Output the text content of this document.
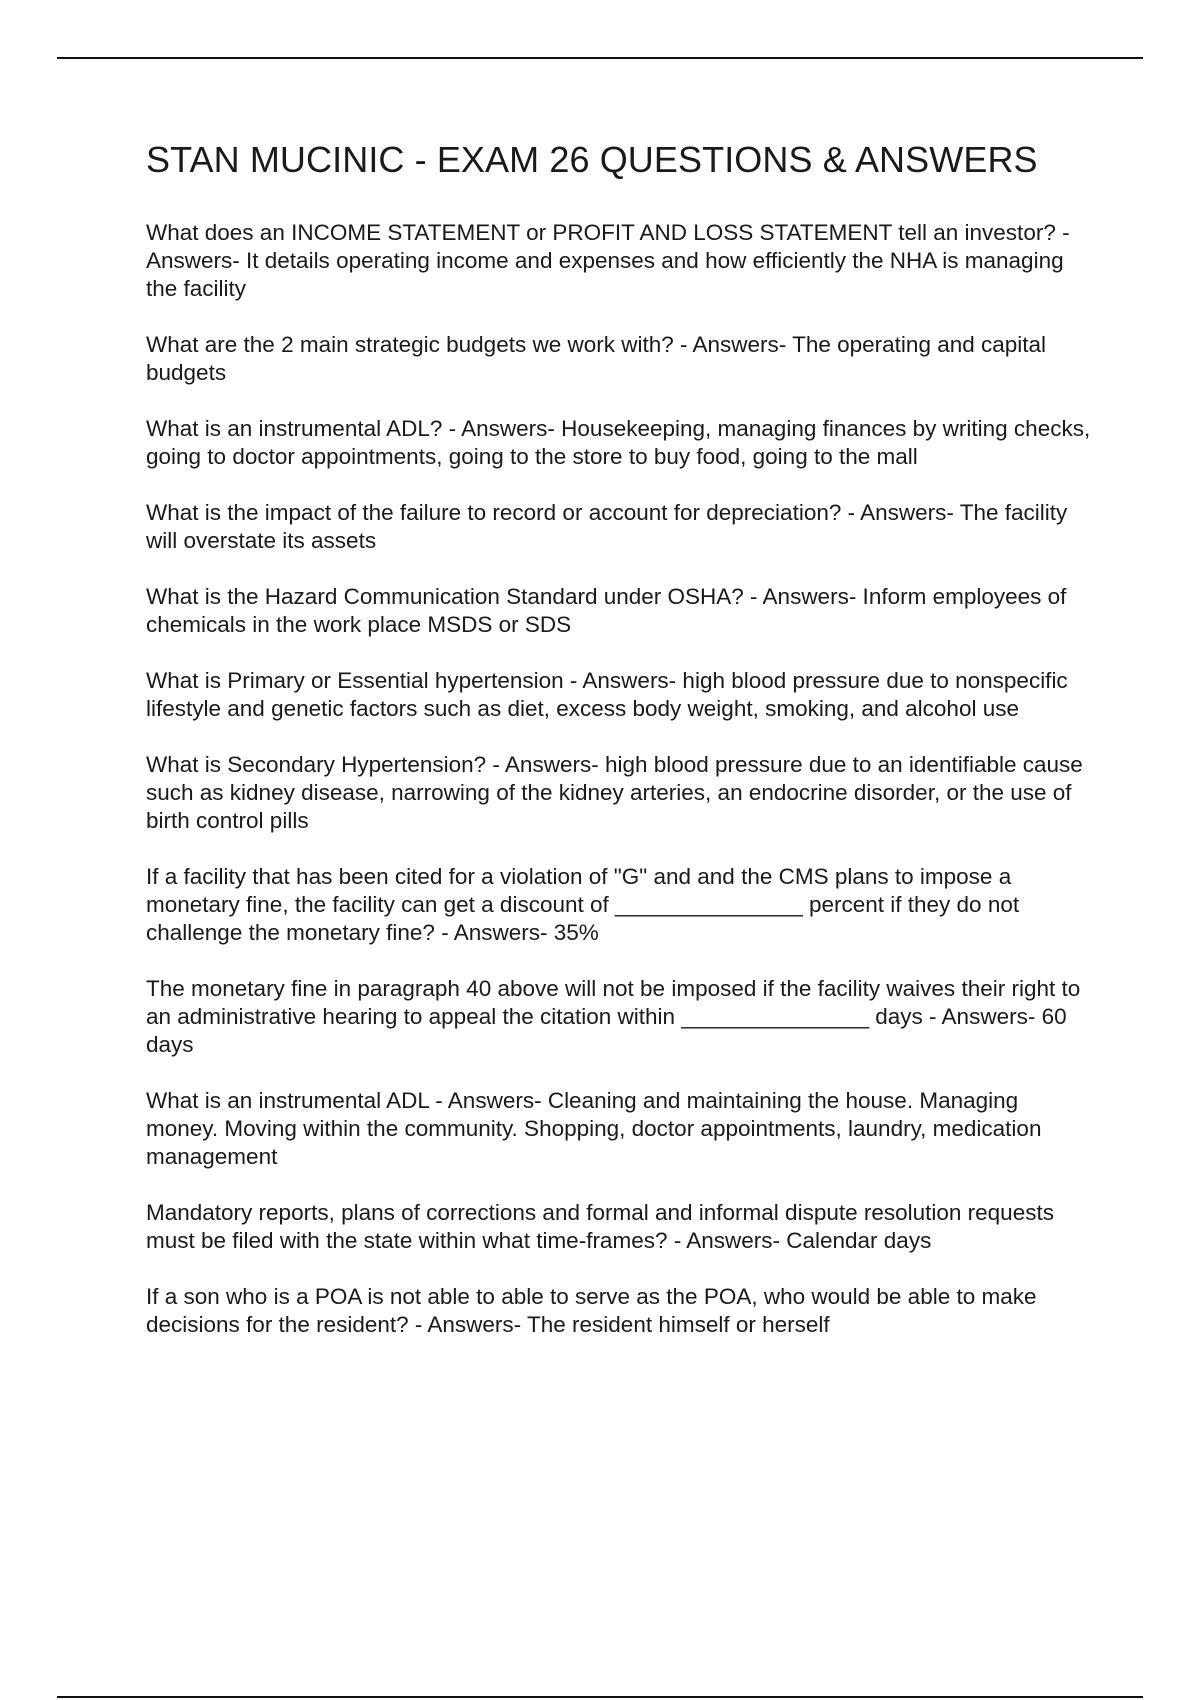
STAN MUCINIC - EXAM 26 QUESTIONS & ANSWERS

What does an INCOME STATEMENT or PROFIT AND LOSS STATEMENT tell an investor? - Answers- It details operating income and expenses and how efficiently the NHA is managing the facility

What are the 2 main strategic budgets we work with? - Answers- The operating and capital budgets

What is an instrumental ADL? - Answers- Housekeeping, managing finances by writing checks, going to doctor appointments, going to the store to buy food, going to the mall

What is the impact of the failure to record or account for depreciation? - Answers- The facility will overstate its assets

What is the Hazard Communication Standard under OSHA? - Answers- Inform employees of chemicals in the work place MSDS or SDS

What is Primary or Essential hypertension - Answers- high blood pressure due to nonspecific lifestyle and genetic factors such as diet, excess body weight, smoking, and alcohol use

What is Secondary Hypertension? - Answers- high blood pressure due to an identifiable cause such as kidney disease, narrowing of the kidney arteries, an endocrine disorder, or the use of birth control pills

If a facility that has been cited for a violation of "G" and and the CMS plans to impose a monetary fine, the facility can get a discount of _______________ percent if they do not challenge the monetary fine? - Answers- 35%

The monetary fine in paragraph 40 above will not be imposed if the facility waives their right to an administrative hearing to appeal the citation within _______________ days - Answers- 60 days

What is an instrumental ADL - Answers- Cleaning and maintaining the house. Managing money. Moving within the community. Shopping, doctor appointments, laundry, medication management

Mandatory reports, plans of corrections and formal and informal dispute resolution requests must be filed with the state within what time-frames? - Answers- Calendar days

If a son who is a POA is not able to able to serve as the POA, who would be able to make decisions for the resident? - Answers- The resident himself or herself
